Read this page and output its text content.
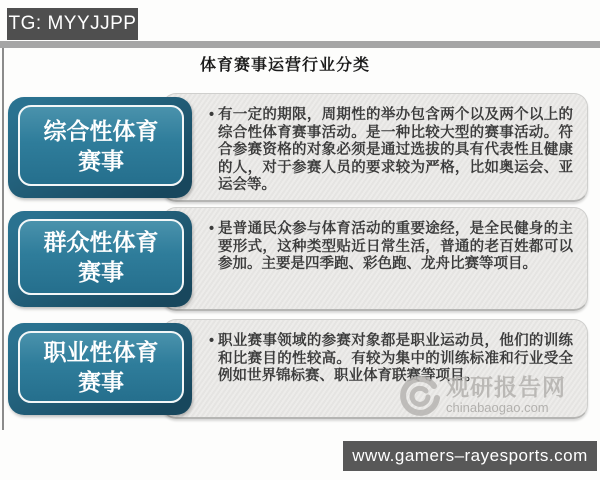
TG: MYYJJPP
体育赛事运营行业分类
• 有一定的期限，周期性的举办包含两个以及两个以上的综合性体育赛事活动。是一种比较大型的赛事活动。符合参赛资格的对象必须是通过选拔的具有代表性且健康的人，对于参赛人员的要求较为严格，比如奥运会、亚运会等。
综合性体育赛事
• 是普通民众参与体育活动的重要途经，是全民健身的主要形式，这种类型贴近日常生活，普通的老百姓都可以参加。主要是四季跑、彩色跑、龙舟比赛等项目。
群众性体育赛事
• 职业赛事领域的参赛对象都是职业运动员，他们的训练和比赛目的性较高。有较为集中的训练标准和行业受全例如世界锦标赛、职业体育联赛等项目。
职业性体育赛事	观研报告网
chinabaogao.com
www.gamers–rayesports.com
